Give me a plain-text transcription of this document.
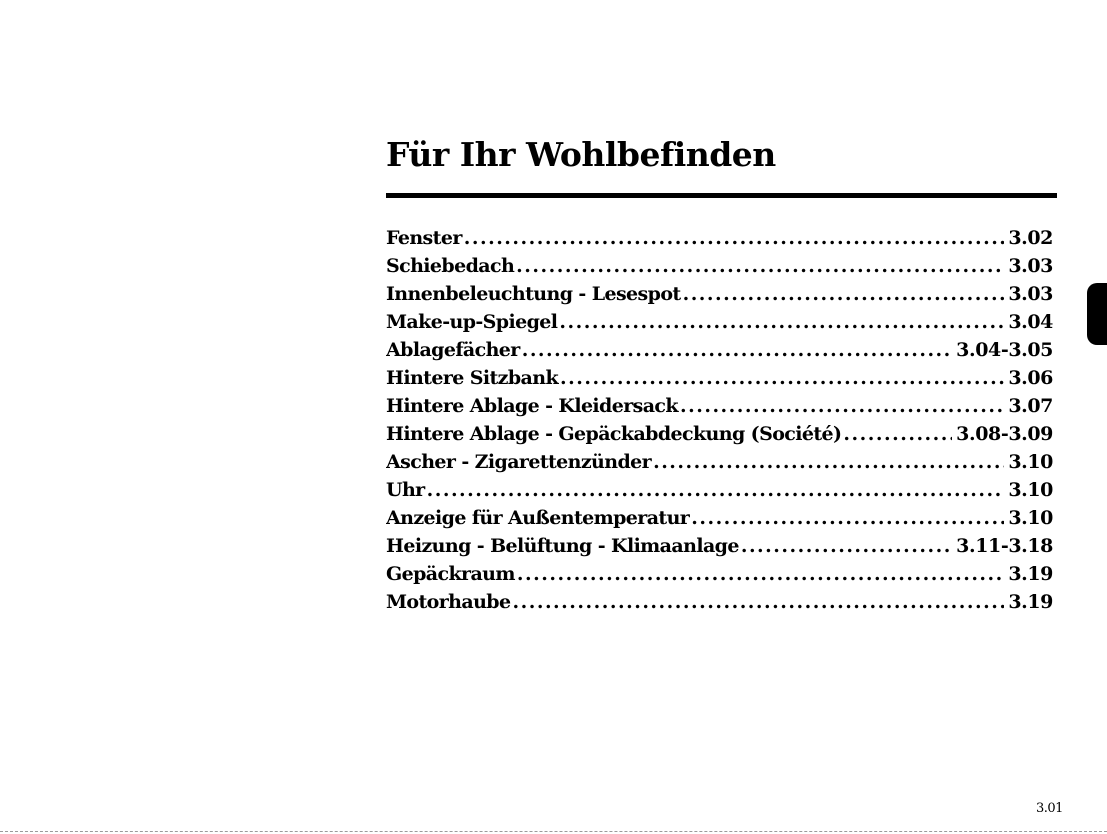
Für Ihr Wohlbefinden
Fenster .....	3.02
Schiebedach .....	3.03
Innenbeleuchtung - Lesespot .....	3.03
Make-up-Spiegel .....	3.04
Ablagefächer .....	3.04-3.05
Hintere Sitzbank .....	3.06
Hintere Ablage - Kleidersack .....	3.07
Hintere Ablage - Gepäckabdeckung (Société) .....	3.08-3.09
Ascher - Zigarettenzünder .....	3.10
Uhr .....	3.10
Anzeige für Außentemperatur .....	3.10
Heizung - Belüftung - Klimaanlage .....	3.11-3.18
Gepäckraum .....	3.19
Motorhaube .....	3.19
3.01
